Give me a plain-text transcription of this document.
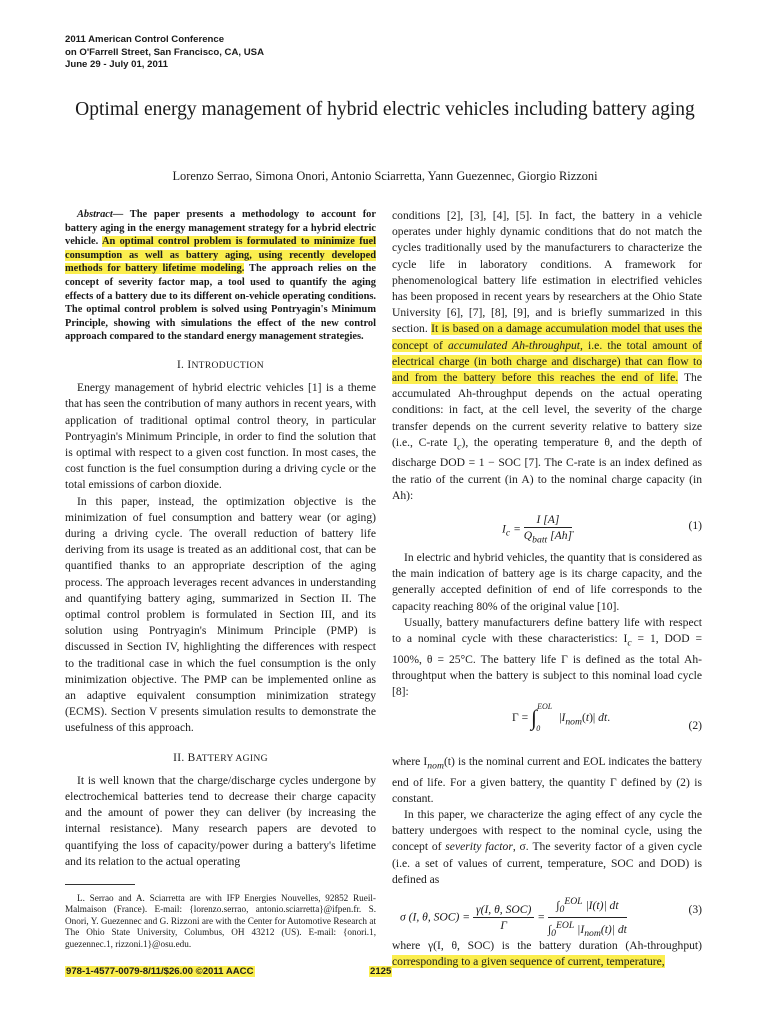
2011 American Control Conference
on O'Farrell Street, San Francisco, CA, USA
June 29 - July 01, 2011
Optimal energy management of hybrid electric vehicles including battery aging
Lorenzo Serrao, Simona Onori, Antonio Sciarretta, Yann Guezennec, Giorgio Rizzoni

Abstract— The paper presents a methodology to account for battery aging in the energy management strategy for a hybrid electric vehicle. An optimal control problem is formulated to minimize fuel consumption as well as battery aging, using recently developed methods for battery lifetime modeling. The approach relies on the concept of severity factor map, a tool used to quantify the aging effects of a battery due to its different on-vehicle operating conditions. The optimal control problem is solved using Pontryagin's Minimum Principle, showing with simulations the effect of the new control approach compared to the standard energy management strategies.

I. INTRODUCTION

Energy management of hybrid electric vehicles [1] is a theme that has seen the contribution of many authors in recent years, with application of traditional optimal control theory, in particular Pontryagin's Minimum Principle, in order to find the solution that is optimal with respect to a given cost function. In most cases, the cost function is the fuel consumption during a driving cycle or the total emissions of carbon dioxide.

In this paper, instead, the optimization objective is the minimization of fuel consumption and battery wear (or aging) during a driving cycle. The overall reduction of battery life deriving from its usage is treated as an additional cost, that can be quantified thanks to an appropriate description of the aging process. The approach leverages recent advances in understanding and quantifying battery aging, summarized in Section II. The optimal control problem is formulated in Section III, and its solution using Pontryagin's Minimum Principle (PMP) is discussed in Section IV, highlighting the differences with respect to the traditional case in which the fuel consumption is the only minimization objective. The PMP can be implemented online as an adaptive equivalent consumption minimization strategy (ECMS). Section V presents simulation results to demonstrate the usefulness of this approach.

II. BATTERY AGING

It is well known that the charge/discharge cycles undergone by electrochemical batteries tend to decrease their charge capacity and the amount of power they can deliver (by increasing the internal resistance). Many research papers are devoted to quantifying the loss of capacity/power during a battery's lifetime and its relation to the actual operating

L. Serrao and A. Sciarretta are with IFP Energies Nouvelles, 92852 Rueil-Malmaison (France). E-mail: {lorenzo.serrao, antonio.sciarretta}@ifpen.fr. S. Onori, Y. Guezennec and G. Rizzoni are with the Center for Automotive Research at The Ohio State University, Columbus, OH 43212 (US). E-mail: {onori.1, guezennec.1, rizzoni.1}@osu.edu.

conditions [2], [3], [4], [5]. In fact, the battery in a vehicle operates under highly dynamic conditions that do not match the cycles traditionally used by the manufacturers to characterize the cycle life in laboratory conditions. A framework for phenomenological battery life estimation in electrified vehicles has been proposed in recent years by researchers at the Ohio State University [6], [7], [8], [9], and is briefly summarized in this section. It is based on a damage accumulation model that uses the concept of accumulated Ah-throughput, i.e. the total amount of electrical charge (in both charge and discharge) that can flow to and from the battery before this reaches the end of life. The accumulated Ah-throughput depends on the actual operating conditions: in fact, at the cell level, the severity of the charge transfer depends on the current severity relative to battery size (i.e., C-rate $I_c$), the operating temperature θ, and the depth of discharge DOD = 1 − SOC [7]. The C-rate is an index defined as the ratio of the current (in A) to the nominal charge capacity (in Ah):

$I_c = \frac{I [A]}{Q_{batt} [Ah]}$ .	(1)

In electric and hybrid vehicles, the quantity that is considered as the main indication of battery age is its charge capacity, and the generally accepted definition of end of life corresponds to the capacity reaching 80% of the original value [10].

Usually, battery manufacturers define battery life with respect to a nominal cycle with these characteristics: $I_c = 1$, DOD = 100%, θ = 25°C. The battery life Γ is defined as the total Ah-throughtput when the battery is subject to this nominal load cycle [8]:

Γ = ∫$^{EOL}_0$ $|I_{nom}(t)|$ dt.
(2)

where $I_{nom}(t)$ is the nominal current and EOL indicates the battery end of life. For a given battery, the quantity Γ defined by (2) is constant.

In this paper, we characterize the aging effect of any cycle the battery undergoes with respect to the nominal cycle, using the concept of severity factor, σ. The severity factor of a given cycle (i.e. a set of values of current, temperature, SOC and DOD) is defined as

σ (I, θ, $SOC) = \frac{\text{γ(I, θ, SOC)}}{\Gamma} = \frac{\int_0^{EOL} |I(t)| dt}{\int_0^{EOL} |I_{nom}(t)| dt}$	(3)

where γ(I, θ, SOC) is the battery duration (Ah-throughput) corresponding to a given sequence of current, temperature,

978-1-4577-0079-8/11/$26.00 ©2011 AACC	2125
